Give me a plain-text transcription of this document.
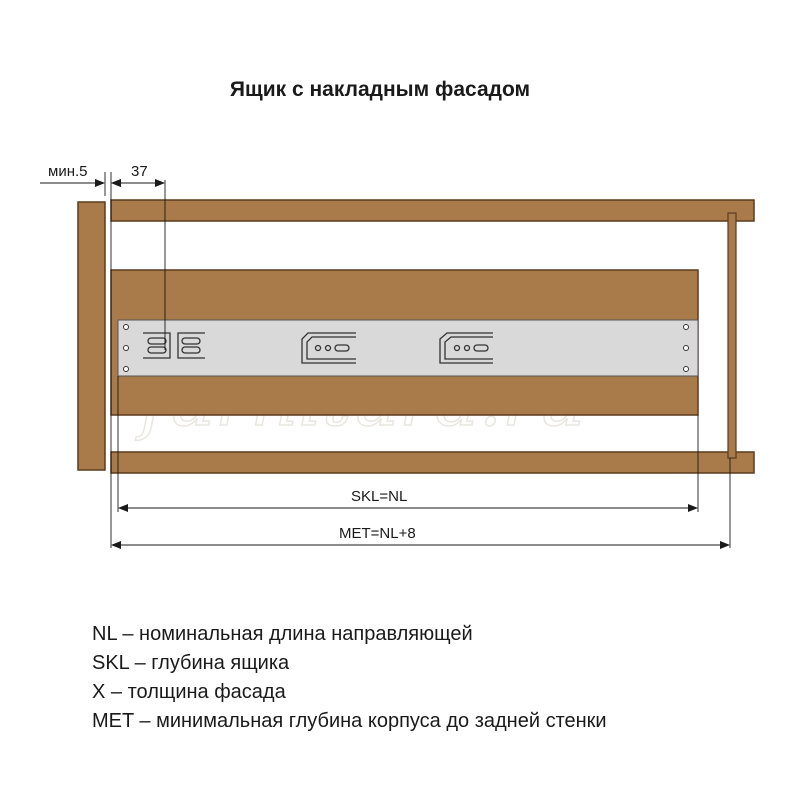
Ящик с накладным фасадом
мин.5	37
SKL=NL
MET=NL+8
NL – номинальная длина направляющей
SKL – глубина ящика
X – толщина фасада
MET – минимальная глубина корпуса до задней стенки
